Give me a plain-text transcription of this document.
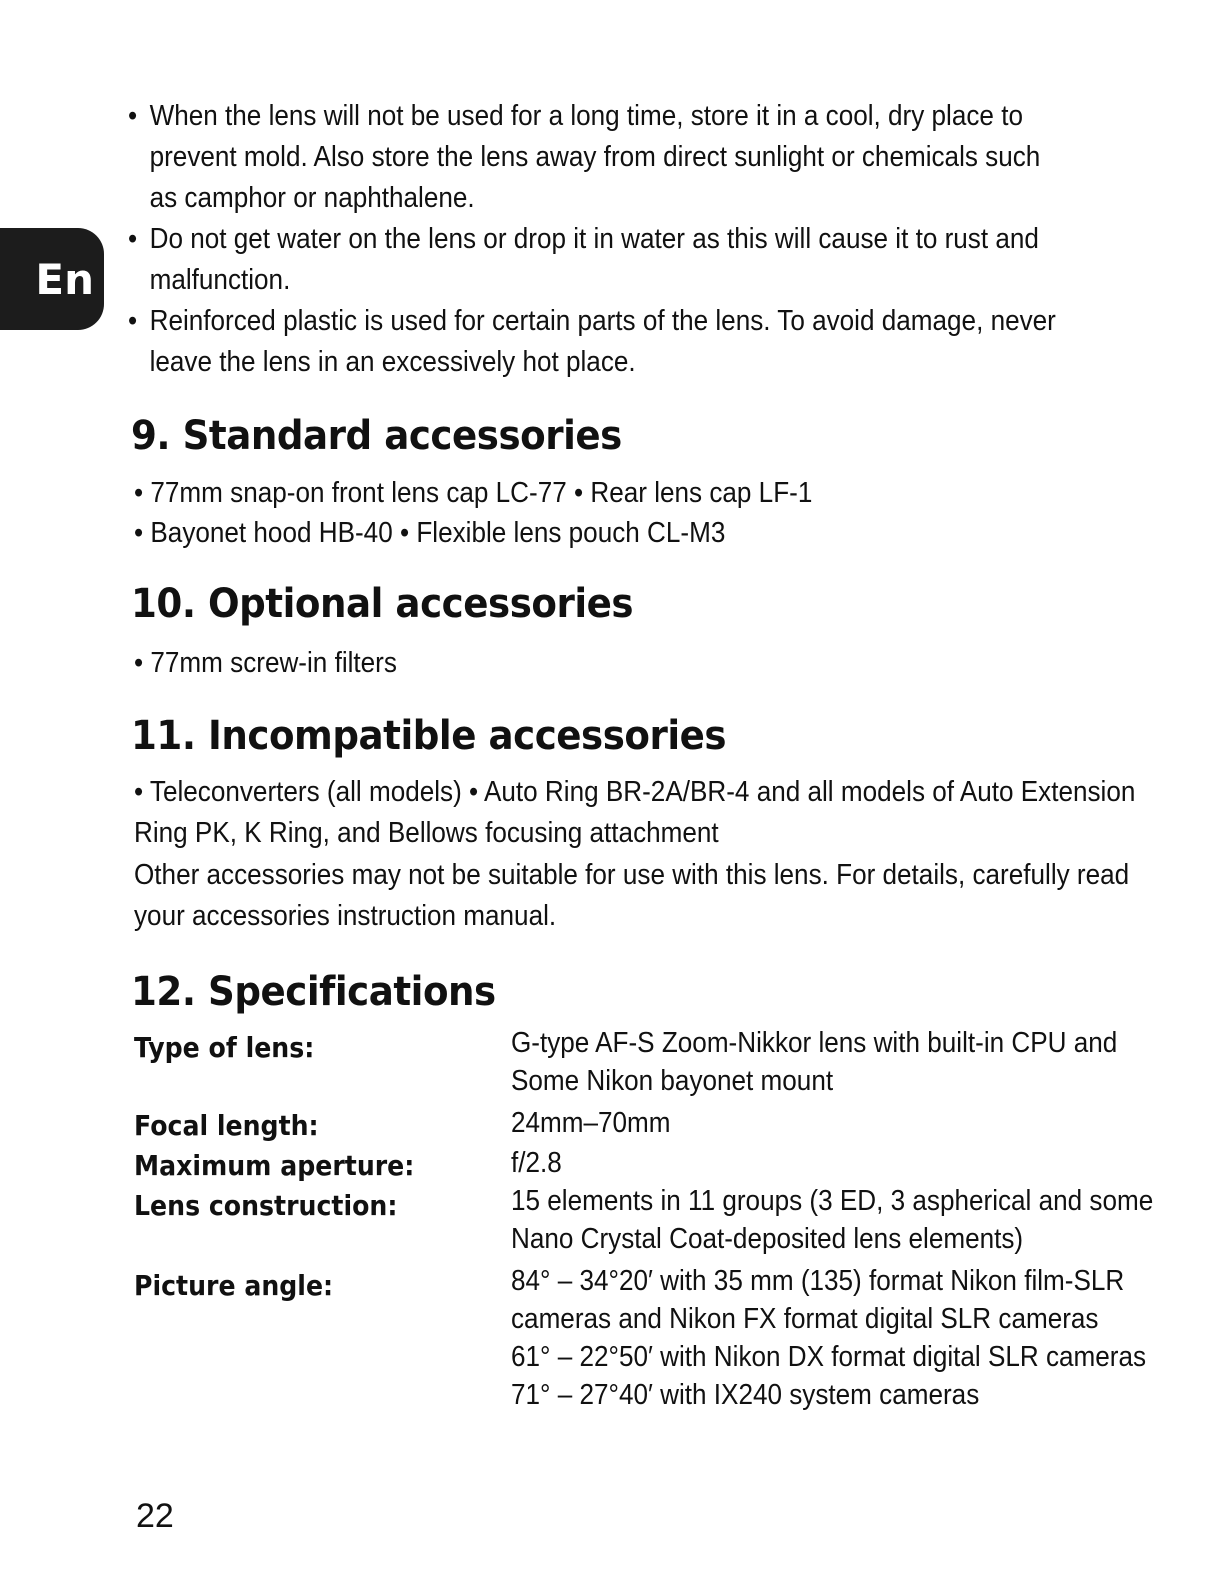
En
• When the lens will not be used for a long time, store it in a cool, dry place to prevent mold. Also store the lens away from direct sunlight or chemicals such as camphor or naphthalene.
• Do not get water on the lens or drop it in water as this will cause it to rust and malfunction.
• Reinforced plastic is used for certain parts of the lens. To avoid damage, never leave the lens in an excessively hot place.
9. Standard accessories
• 77mm snap-on front lens cap LC-77 • Rear lens cap LF-1
• Bayonet hood HB-40 • Flexible lens pouch CL-M3
10. Optional accessories
• 77mm screw-in filters
11. Incompatible accessories
• Teleconverters (all models) • Auto Ring BR-2A/BR-4 and all models of Auto Extension Ring PK, K Ring, and Bellows focusing attachment
Other accessories may not be suitable for use with this lens. For details, carefully read your accessories instruction manual.
12. Specifications
Type of lens:	G-type AF-S Zoom-Nikkor lens with built-in CPU and Some Nikon bayonet mount
Focal length:	24mm–70mm
Maximum aperture:	f/2.8
Lens construction:	15 elements in 11 groups (3 ED, 3 aspherical and some Nano Crystal Coat-deposited lens elements)
Picture angle:	84° – 34°20′ with 35 mm (135) format Nikon film-SLR cameras and Nikon FX format digital SLR cameras
61° – 22°50′ with Nikon DX format digital SLR cameras
71° – 27°40′ with IX240 system cameras
22
